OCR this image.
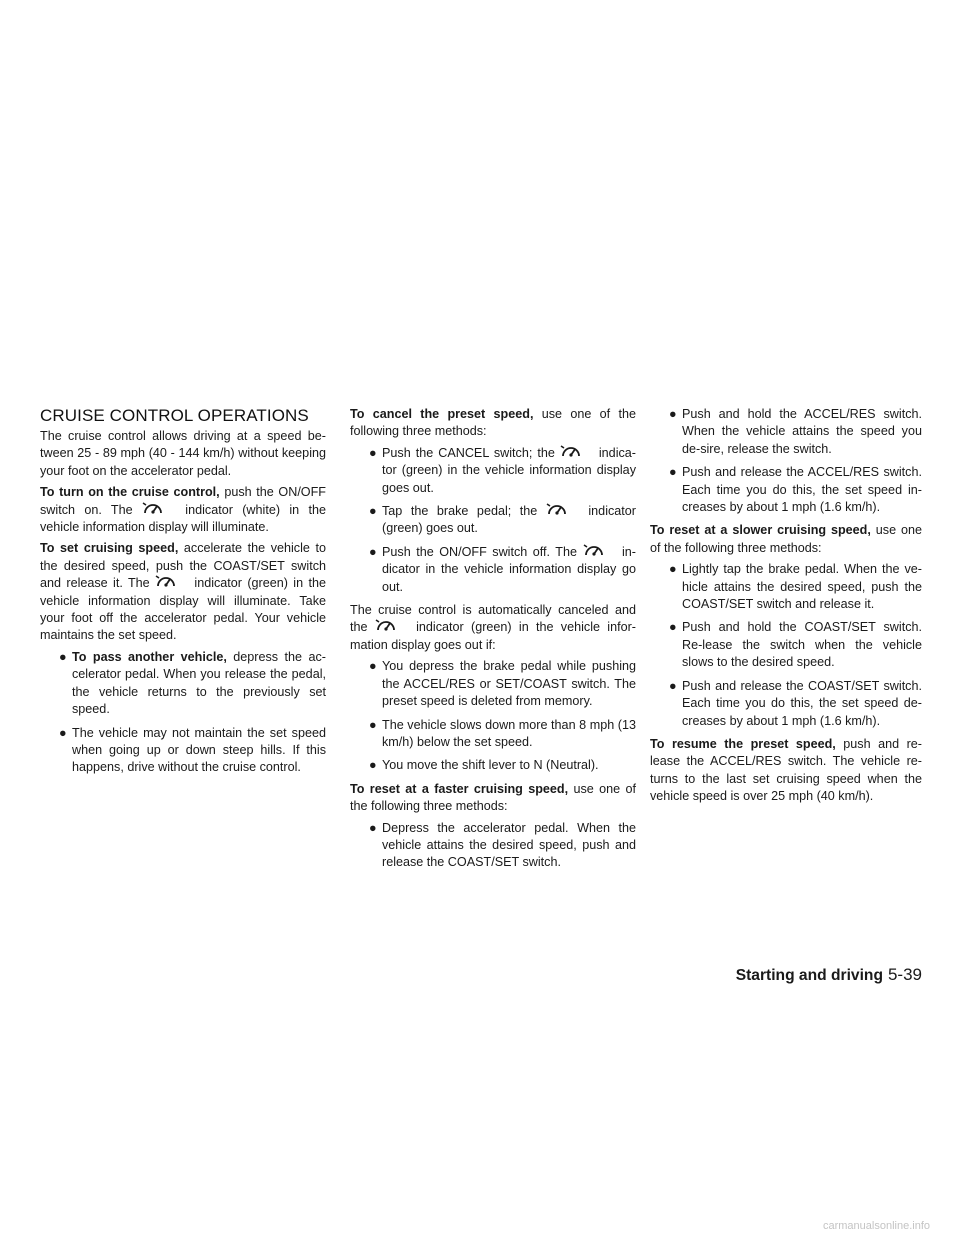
CRUISE CONTROL OPERATIONS

The cruise control allows driving at a speed be-tween 25 - 89 mph (40 - 144 km/h) without keeping your foot on the accelerator pedal.

To turn on the cruise control, push the ON/OFF switch on. The	indicator (white) in the vehicle information display will illuminate.

To set cruising speed, accelerate the vehicle to the desired speed, push the COAST/SET switch and release it. The	indicator (green) in the vehicle information display will illuminate. Take your foot off the accelerator pedal. Your vehicle maintains the set speed.

● To pass another vehicle, depress the ac-celerator pedal. When you release the pedal, the vehicle returns to the previously set speed.
● The vehicle may not maintain the set speed when going up or down steep hills. If this happens, drive without the cruise control.

To cancel the preset speed, use one of the following three methods:

● Push the CANCEL switch; the	indica-tor (green) in the vehicle information display goes out.
● Tap the brake pedal; the	indicator (green) goes out.
● Push the ON/OFF switch off. The	in-dicator in the vehicle information display go out.

The cruise control is automatically canceled and the	indicator (green) in the vehicle infor-mation display goes out if:

● You depress the brake pedal while pushing the ACCEL/RES or SET/COAST switch. The preset speed is deleted from memory.
● The vehicle slows down more than 8 mph (13 km/h) below the set speed.
● You move the shift lever to N (Neutral).

To reset at a faster cruising speed, use one of the following three methods:

● Depress the accelerator pedal. When the vehicle attains the desired speed, push and release the COAST/SET switch.
● Push and hold the ACCEL/RES switch. When the vehicle attains the speed you de-sire, release the switch.
● Push and release the ACCEL/RES switch. Each time you do this, the set speed in-creases by about 1 mph (1.6 km/h).

To reset at a slower cruising speed, use one of the following three methods:

● Lightly tap the brake pedal. When the ve-hicle attains the desired speed, push the COAST/SET switch and release it.
● Push and hold the COAST/SET switch. Re-lease the switch when the vehicle slows to the desired speed.
● Push and release the COAST/SET switch. Each time you do this, the set speed de-creases by about 1 mph (1.6 km/h).

To resume the preset speed, push and re-lease the ACCEL/RES switch. The vehicle re-turns to the last set cruising speed when the vehicle speed is over 25 mph (40 km/h).

Starting and driving 5-39
carmanualsonline.info
